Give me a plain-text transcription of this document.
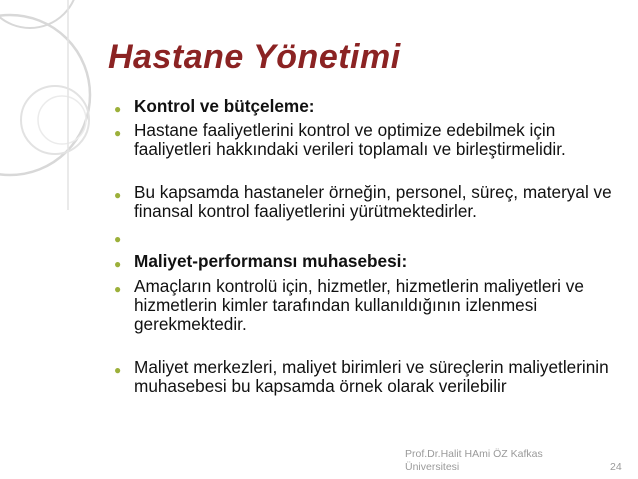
Hastane Yönetimi
● Kontrol ve bütçeleme:
● Hastane faaliyetlerini kontrol ve optimize edebilmek için faaliyetleri hakkındaki verileri toplamalı ve birleştirmelidir.
● Bu kapsamda hastaneler örneğin, personel, süreç, materyal ve finansal kontrol faaliyetlerini yürütmektedirler.
●

● Maliyet-performansı muhasebesi:
● Amaçların kontrolü için, hizmetler, hizmetlerin maliyetleri ve hizmetlerin kimler tarafından kullanıldığının izlenmesi gerekmektedir.
● Maliyet merkezleri, maliyet birimleri ve süreçlerin maliyetlerinin muhasebesi bu kapsamda örnek olarak verilebilir
Prof.Dr.Halit HAmi ÖZ Kafkas Üniversitesi	24
